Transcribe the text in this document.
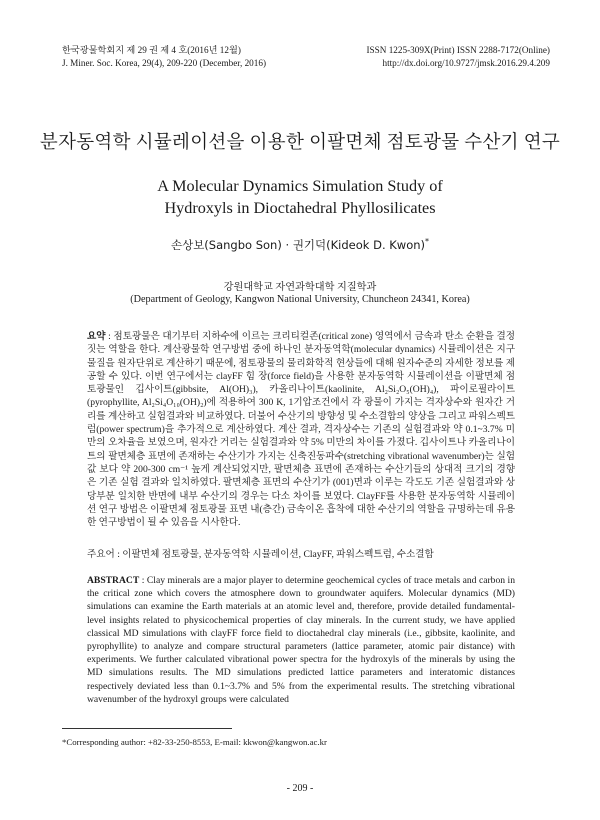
한국광물학회지 제 29 권 제 4 호(2016년 12월)	ISSN 1225-309X(Print) ISSN 2288-7172(Online)
J. Miner. Soc. Korea, 29(4), 209-220 (December, 2016)	http://dx.doi.org/10.9727/jmsk.2016.29.4.209
분자동역학 시뮬레이션을 이용한 이팔면체 점토광물 수산기 연구
A Molecular Dynamics Simulation Study of
Hydroxyls in Dioctahedral Phyllosilicates
손상보(Sangbo Son) · 권기덕(Kideok D. Kwon)*
강원대학교 자연과학대학 지질학과
(Department of Geology, Kangwon National University, Chuncheon 24341, Korea)
요약 : 점토광물은 대기부터 지하수에 이르는 크리티컬존(critical zone) 영역에서 금속과 탄소 순환을 결정짓는 역할을 한다. 계산광물학 연구방법 중에 하나인 분자동역학(molecular dynamics) 시뮬레이션은 지구물질을 원자단위로 계산하기 때문에, 점토광물의 물리화학적 현상들에 대해 원자수준의 자세한 정보를 제공할 수 있다. 이번 연구에서는 clayFF 힘 장(force field)을 사용한 분자동역학 시뮬레이션을 이팔면체 점토광물인 깁사이트(gibbsite, Al(OH)₃), 카올리나이트(kaolinite, Al₂Si₂O₅(OH)₄), 파이로필라이트(pyrophyllite, Al₂Si₄O₁₀(OH)₂)에 적용하여 300 K, 1기압조건에서 각 광물이 가지는 격자상수와 원자간 거리를 계산하고 실험결과와 비교하였다. 더불어 수산기의 방향성 및 수소결합의 양상을 그리고 파워스펙트럼(power spectrum)을 추가적으로 계산하였다. 계산 결과, 격자상수는 기존의 실험결과와 약 0.1~3.7% 미만의 오차율을 보였으며, 원자간 거리는 실험결과와 약 5% 미만의 차이를 가졌다. 깁사이트나 카올리나이트의 팔면체층 표면에 존재하는 수산기가 가지는 신축진동파수(stretching vibrational wavenumber)는 실험값 보다 약 200-300 cm⁻¹ 높게 계산되었지만, 팔면체층 표면에 존재하는 수산기들의 상대적 크기의 경향은 기존 실험 결과와 일치하였다. 팔면체층 표면의 수산기가 (001)면과 이루는 각도도 기존 실험결과와 상당부분 일치한 반면에 내부 수산기의 경우는 다소 차이를 보였다. ClayFF를 사용한 분자동역학 시뮬레이션 연구 방법은 이팔면체 점토광물 표면 내(층간) 금속이온 흡착에 대한 수산기의 역할을 규명하는데 유용한 연구방법이 될 수 있음을 시사한다.
주요어 : 이팔면체 점토광물, 분자동역학 시뮬레이션, ClayFF, 파워스펙트럼, 수소결합
ABSTRACT : Clay minerals are a major player to determine geochemical cycles of trace metals and carbon in the critical zone which covers the atmosphere down to groundwater aquifers. Molecular dynamics (MD) simulations can examine the Earth materials at an atomic level and, therefore, provide detailed fundamental-level insights related to physicochemical properties of clay minerals. In the current study, we have applied classical MD simulations with clayFF force field to dioctahedral clay minerals (i.e., gibbsite, kaolinite, and pyrophyllite) to analyze and compare structural parameters (lattice parameter, atomic pair distance) with experiments. We further calculated vibrational power spectra for the hydroxyls of the minerals by using the MD simulations results. The MD simulations predicted lattice parameters and interatomic distances respectively deviated less than 0.1~3.7% and 5% from the experimental results. The stretching vibrational wavenumber of the hydroxyl groups were calculated
*Corresponding author: +82-33-250-8553, E-mail: kkwon@kangwon.ac.kr
- 209 -
